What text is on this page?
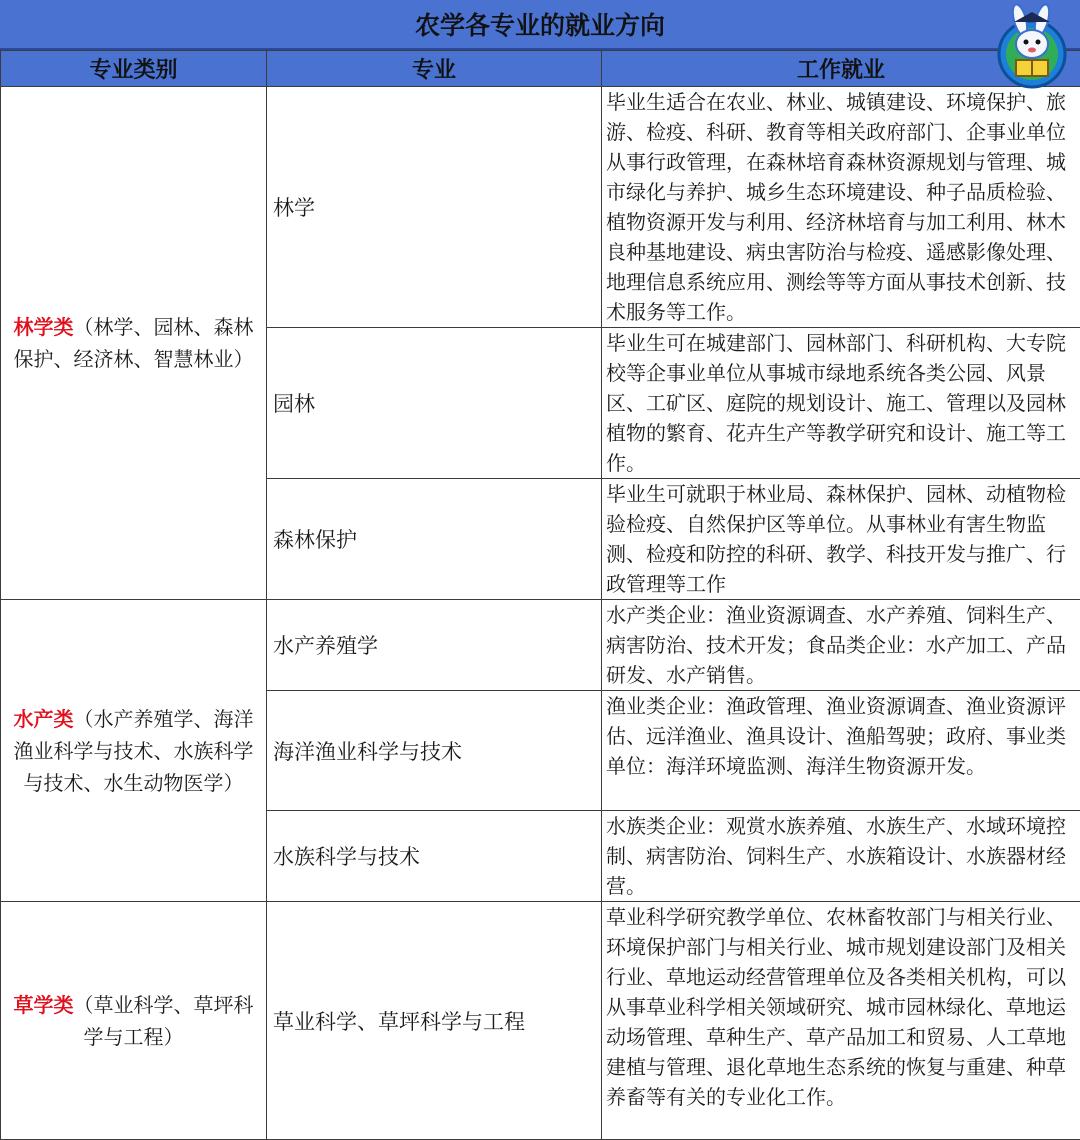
农学各专业的就业方向
专业类别	专业	工作就业
林学类（林学、园林、森林保护、经济林、智慧林业）	林学	毕业生适合在农业、林业、城镇建设、环境保护、旅游、检疫、科研、教育等相关政府部门、企事业单位从事行政管理，在森林培育森林资源规划与管理、城市绿化与养护、城乡生态环境建设、种子品质检验、植物资源开发与利用、经济林培育与加工利用、林木良种基地建设、病虫害防治与检疫、遥感影像处理、地理信息系统应用、测绘等等方面从事技术创新、技术服务等工作。
	园林	毕业生可在城建部门、园林部门、科研机构、大专院校等企事业单位从事城市绿地系统各类公园、风景区、工矿区、庭院的规划设计、施工、管理以及园林植物的繁育、花卉生产等教学研究和设计、施工等工作。
	森林保护	毕业生可就职于林业局、森林保护、园林、动植物检验检疫、自然保护区等单位。从事林业有害生物监测、检疫和防控的科研、教学、科技开发与推广、行政管理等工作
水产类（水产养殖学、海洋渔业科学与技术、水族科学与技术、水生动物医学）	水产养殖学	水产类企业：渔业资源调查、水产养殖、饲料生产、病害防治、技术开发；食品类企业：水产加工、产品研发、水产销售。
	海洋渔业科学与技术	渔业类企业：渔政管理、渔业资源调查、渔业资源评估、远洋渔业、渔具设计、渔船驾驶；政府、事业类单位：海洋环境监测、海洋生物资源开发。
	水族科学与技术	水族类企业：观赏水族养殖、水族生产、水域环境控制、病害防治、饲料生产、水族箱设计、水族器材经营。
草学类（草业科学、草坪科学与工程）	草业科学、草坪科学与工程	草业科学研究教学单位、农林畜牧部门与相关行业、环境保护部门与相关行业、城市规划建设部门及相关行业、草地运动经营管理单位及各类相关机构，可以从事草业科学相关领域研究、城市园林绿化、草地运动场管理、草种生产、草产品加工和贸易、人工草地建植与管理、退化草地生态系统的恢复与重建、种草养畜等有关的专业化工作。
